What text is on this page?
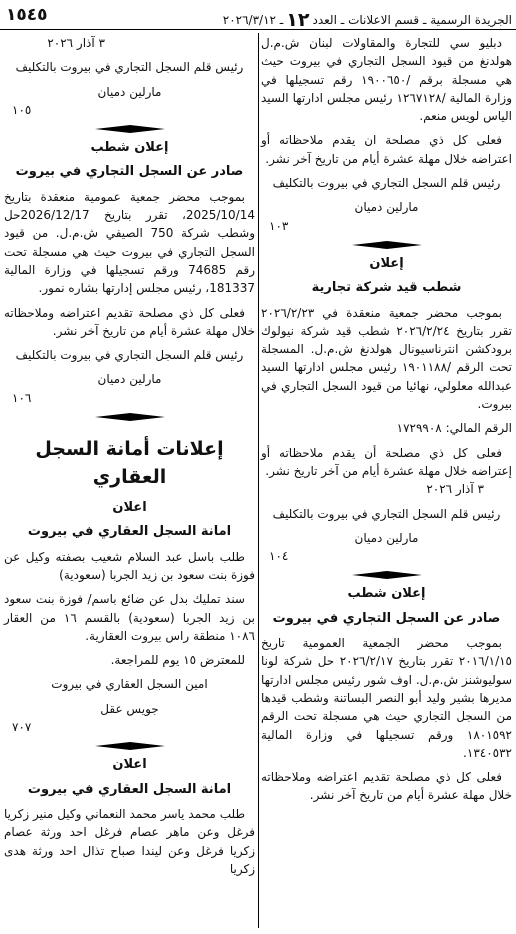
الجريدة الرسمية ـ قسم الاعلانات ـ العدد١٢ـ ٢٠٢٦/٣/١٢
١٥٤٥

دبليو سي للتجارة والمقاولات لبنان ش.م.ل هولدنغ من قيود السجل التجاري في بيروت حيث هي مسجلة برقم /١٩٠٠٦٥٠ رقم تسجيلها في وزارة المالية /١٢٦٧١٢٨ رئيس مجلس ادارتها السيد الياس لويس منعم.

فعلى كل ذي مصلحة ان يقدم ملاحظاته أو اعتراضه خلال مهلة عشرة أيام من تاريخ آخر نشر.

رئيس قلم السجل التجاري في بيروت بالتكليف

مارلين دميان

١٠٣

إعلان

شطب قيد شركة تجارية

بموجب محضر جمعية منعقدة في ٢٠٢٦/٢/٢٣ تقرر بتاريخ ٢٠٢٦/٢/٢٤ شطب قيد شركة نيولوك برودكشن انترناسيونال هولدنغ ش.م.ل. المسجلة تحت الرقم /١٩٠١١٨٨ رئيس مجلس ادارتها السيد عبدالله معلولي، نهائيا من قيود السجل التجاري في بيروت.

الرقم المالي: ١٧٢٩٩٠٨

فعلى كل ذي مصلحة أن يقدم ملاحظاته أو إعتراضه خلال مهلة عشرة أيام من آخر تاريخ نشر.

٣ آذار ٢٠٢٦

رئيس قلم السجل التجاري في بيروت بالتكليف

مارلين دميان

١٠٤

إعلان شطب

صادر عن السجل التجاري في بيروت

بموجب محضر الجمعية العمومية تاريخ ٢٠١٦/١/١٥ تقرر بتاريخ ٢٠٢٦/٢/١٧ حل شركة لونا سوليوشنز ش.م.ل. اوف شور رئيس مجلس ادارتها مديرها بشير وليد أبو النصر البساتنة وشطب قيدها من السجل التجاري حيث هي مسجلة تحت الرقم ١٨٠١٥٩٢ ورقم تسجيلها في وزارة المالية ١٣٤٠٥٣٢.

فعلى كل ذي مصلحة تقديم اعتراضه وملاحظاته خلال مهلة عشرة أيام من تاريخ آخر نشر.

٣ آذار ٢٠٢٦

رئيس قلم السجل التجاري في بيروت بالتكليف

مارلين دميان

١٠٥

إعلان شطب

صادر عن السجل التجاري في بيروت

بموجب محضر جمعية عمومية منعقدة بتاريخ 2025/10/14، تقرر بتاريخ 2026/12/17حل وشطب شركة 750 الصيفي ش.م.ل. من قيود السجل التجاري في بيروت حيث هي مسجلة تحت رقم 74685 ورقم تسجيلها في وزارة المالية 181337، رئيس مجلس إدارتها بشاره نمور.

فعلى كل ذي مصلحة تقديم اعتراضه وملاحظاته خلال مهلة عشرة أيام من تاريخ آخر نشر.

رئيس قلم السجل التجاري في بيروت بالتكليف

مارلين دميان

١٠٦

إعلانات أمانة السجل العقاري

اعلان

امانة السجل العقاري في بيروت

طلب باسل عبد السلام شعيب بصفته وكيل عن فوزة بنت سعود بن زيد الجربا (سعودية)

سند تمليك بدل عن ضائع باسم/ فوزة بنت سعود بن زيد الجربا (سعودية) بالقسم ١٦ من العقار ١٠٨٦ منطقة راس بيروت العقارية.

للمعترض ١٥ يوم للمراجعة.

امين السجل العقاري في بيروت

جويس عقل

٧٠٧

اعلان

امانة السجل العقاري في بيروت

طلب محمد ياسر محمد النعماني وكيل منير زكريا فرغل وعن ماهر عصام فرغل احد ورثة عصام زكريا فرغل وعن ليندا صباح تذال احد ورثة هدى زكريا
